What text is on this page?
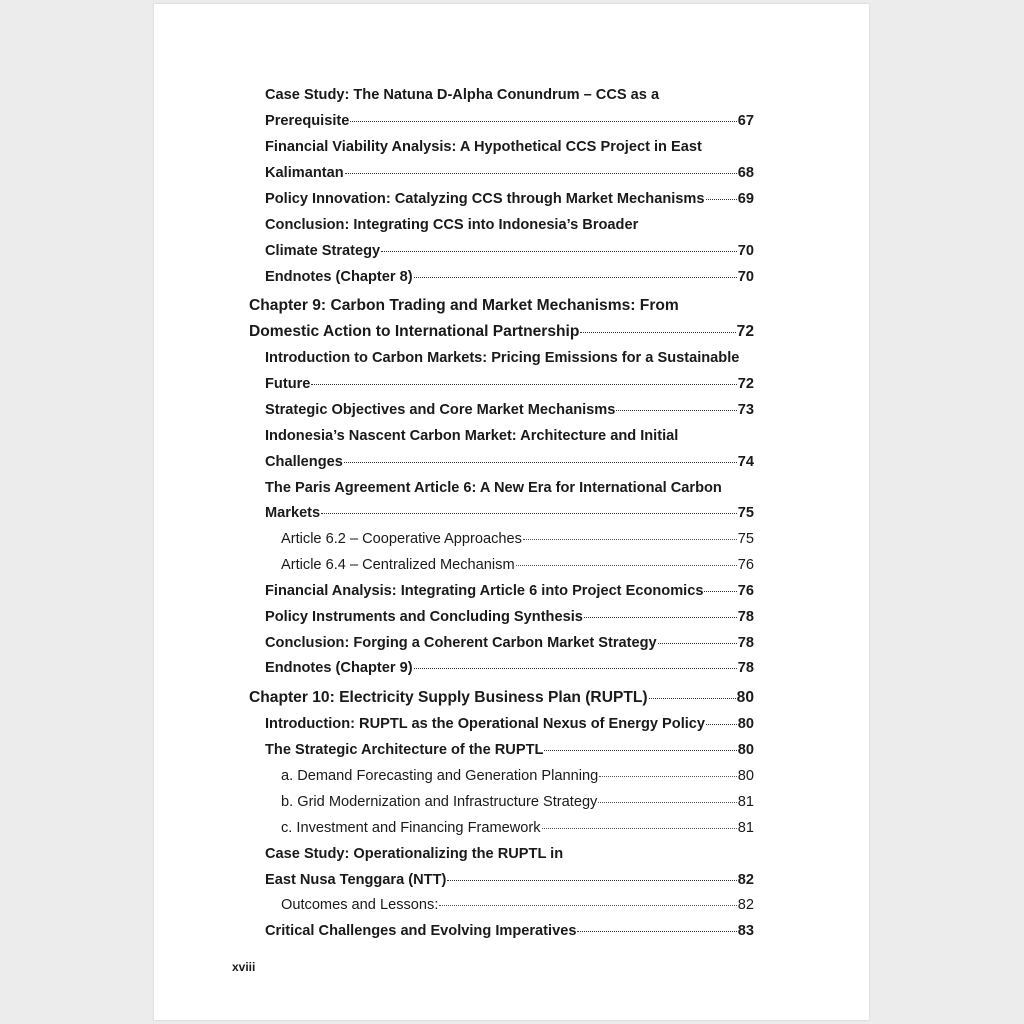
Case Study: The Natuna D-Alpha Conundrum – CCS as a
Prerequisite	67
Financial Viability Analysis: A Hypothetical CCS Project in East
Kalimantan	68
Policy Innovation: Catalyzing CCS through Market Mechanisms 69
Conclusion: Integrating CCS into Indonesia’s Broader
Climate Strategy	70
Endnotes (Chapter 8)	70
Chapter 9: Carbon Trading and Market Mechanisms: From
Domestic Action to International Partnership	72
Introduction to Carbon Markets: Pricing Emissions for a Sustainable
Future	72
Strategic Objectives and Core Market Mechanisms	73
Indonesia’s Nascent Carbon Market: Architecture and Initial
Challenges	74
The Paris Agreement Article 6: A New Era for International Carbon
Markets	75
Article 6.2 – Cooperative Approaches	75
Article 6.4 – Centralized Mechanism	76
Financial Analysis: Integrating Article 6 into Project Economics 76
Policy Instruments and Concluding Synthesis	78
Conclusion: Forging a Coherent Carbon Market Strategy	78
Endnotes (Chapter 9)	78
Chapter 10: Electricity Supply Business Plan (RUPTL)	80
Introduction: RUPTL as the Operational Nexus of Energy Policy 80
The Strategic Architecture of the RUPTL	80
a. Demand Forecasting and Generation Planning	80
b. Grid Modernization and Infrastructure Strategy	81
c. Investment and Financing Framework	81
Case Study: Operationalizing the RUPTL in
East Nusa Tenggara (NTT)	82
Outcomes and Lessons:	82
Critical Challenges and Evolving Imperatives	83
xviii
